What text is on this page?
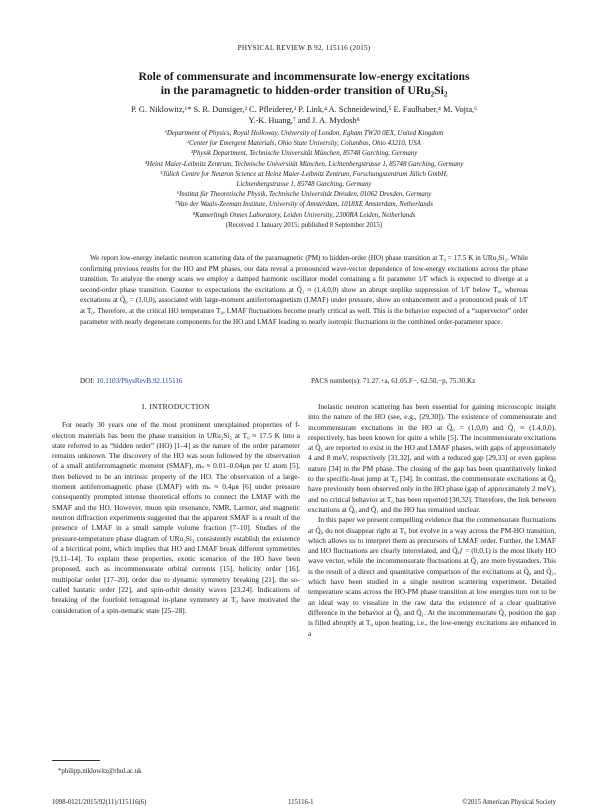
PHYSICAL REVIEW B 92, 115116 (2015)
Role of commensurate and incommensurate low-energy excitations
in the paramagnetic to hidden-order transition of URu₂Si₂
P. G. Niklowitz,¹* S. R. Dunsiger,² C. Pfleiderer,³ P. Link,⁴ A. Schneidewind,⁵ E. Faulhaber,⁴ M. Vojta,⁶
Y.-K. Huang,⁷ and J. A. Mydosh⁸
¹Department of Physics, Royal Holloway, University of London, Egham TW20 0EX, United Kingdom
²Center for Emergent Materials, Ohio State University, Columbus, Ohio 43210, USA
³Physik Department, Technische Universität München, 85748 Garching, Germany
⁴Heinz Maier-Leibnitz Zentrum, Technische Universität München, Lichtenbergstrasse 1, 85748 Garching, Germany
⁵Jülich Centre for Neutron Science at Heinz Maier-Leibnitz Zentrum, Forschungszentrum Jülich GmbH,
Lichtenbergstrasse 1, 85748 Garching, Germany
⁶Institut für Theoretische Physik, Technische Universität Dresden, 01062 Dresden, Germany
⁷Van der Waals-Zeeman Institute, University of Amsterdam, 1018XE Amsterdam, Netherlands
⁸Kamerlingh Onnes Laboratory, Leiden University, 2300RA Leiden, Netherlands
(Received 1 January 2015; published 8 September 2015)

We report low-energy inelastic neutron scattering data of the paramagnetic (PM) to hidden-order (HO) phase transition at T₀ = 17.5 K in URu₂Si₂. While confirming previous results for the HO and PM phases, our data reveal a pronounced wave-vector dependence of low-energy excitations across the phase transition. To analyze the energy scans we employ a damped harmonic oscillator model containing a fit parameter 1/Γ which is expected to diverge at a second-order phase transition. Counter to expectations the excitations at Q̃₁ ≈ (1.4,0,0) show an abrupt steplike suppression of 1/Γ below T₀, whereas excitations at Q̃₀ = (1,0,0), associated with large-moment antiferromagnetism (LMAF) under pressure, show an enhancement and a pronounced peak of 1/Γ at T₀. Therefore, at the critical HO temperature T₀, LMAF fluctuations become nearly critical as well. This is the behavior expected of a “supervector” order parameter with nearly degenerate components for the HO and LMAF leading to nearly isotropic fluctuations in the combined order-parameter space.

DOI: 10.1103/PhysRevB.92.115116	PACS number(s): 71.27.+a, 61.05.F−, 62.50.−p, 75.30.Kz
I. INTRODUCTION

For nearly 30 years one of the most prominent unexplained properties of f-electron materials has been the phase transition in URu₂Si₂ at T₀ ≈ 17.5 K into a state referred to as “hidden order” (HO) [1–4] as the nature of the order parameter remains unknown. The discovery of the HO was soon followed by the observation of a small antiferromagnetic moment (SMAF), mₛ ≈ 0.01–0.04μʙ per U atom [5], then believed to be an intrinsic property of the HO. The observation of a large-moment antiferromagnetic phase (LMAF) with mₛ ≈ 0.4μʙ [6] under pressure consequently prompted intense theoretical efforts to connect the LMAF with the SMAF and the HO. However, muon spin resonance, NMR, Larmor, and magnetic neutron diffraction experiments suggested that the apparent SMAF is a result of the presence of LMAF in a small sample volume fraction [7–10]. Studies of the pressure-temperature phase diagram of URu₂Si₂ consistently establish the existence of a bicritical point, which implies that HO and LMAF break different symmetries [9,11–14]. To explain these properties, exotic scenarios of the HO have been proposed, such as incommensurate orbital currents [15], helicity order [16], multipolar order [17–20], order due to dynamic symmetry breaking [21], the so-called hastatic order [22], and spin-orbit density waves [23,24]. Indications of breaking of the fourfold tetragonal in-plane symmetry at T₀ have motivated the consideration of a spin-nematic state [25–28].

Inelastic neutron scattering has been essential for gaining microscopic insight into the nature of the HO (see, e.g., [29,30]). The existence of commensurate and incommensurate excitations in the HO at Q̃₀ = (1,0,0) and Q̃₁ ≈ (1.4,0,0), respectively, has been known for quite a while [5]. The incommensurate excitations at Q̃₁ are reported to exist in the HO and LMAF phases, with gaps of approximately 4 and 8 meV, respectively [31,32], and with a reduced gap [29,33] or even gapless nature [34] in the PM phase. The closing of the gap has been quantitatively linked to the specific-heat jump at T₀ [34]. In contrast, the commensurate excitations at Q̃₀ have previously been observed only in the HO phase (gap of approximately 2 meV), and no critical behavior at T₀ has been reported [30,32]. Therefore, the link between excitations at Q̃₀ and Q̃₁ and the HO has remained unclear.

In this paper we present compelling evidence that the commensurate fluctuations at Q̃₀ do not disappear right at T₀ but evolve in a way across the PM-HO transition, which allows us to interpret them as precursors of LMAF order. Further, the LMAF and HO fluctuations are clearly interrelated, and Q̃ₐƒ = (0,0,1) is the most likely HO wave vector, while the incommensurate fluctuations at Q̃₁ are mere bystanders. This is the result of a direct and quantitative comparison of the excitations at Q̃₀ and Q̃₁, which have been studied in a single neutron scattering experiment. Detailed temperature scans across the HO-PM phase transition at low energies turn out to be an ideal way to visualize in the raw data the existence of a clear qualitative difference in the behavior at Q̃₀ and Q̃₁. At the incommensurate Q̃₁ position the gap is filled abruptly at T₀ upon heating, i.e., the low-energy excitations are enhanced in a

*philipp.niklowitz@rhul.ac.uk
1098-0121/2015/92(11)/115116(6)	115116-1	©2015 American Physical Society
